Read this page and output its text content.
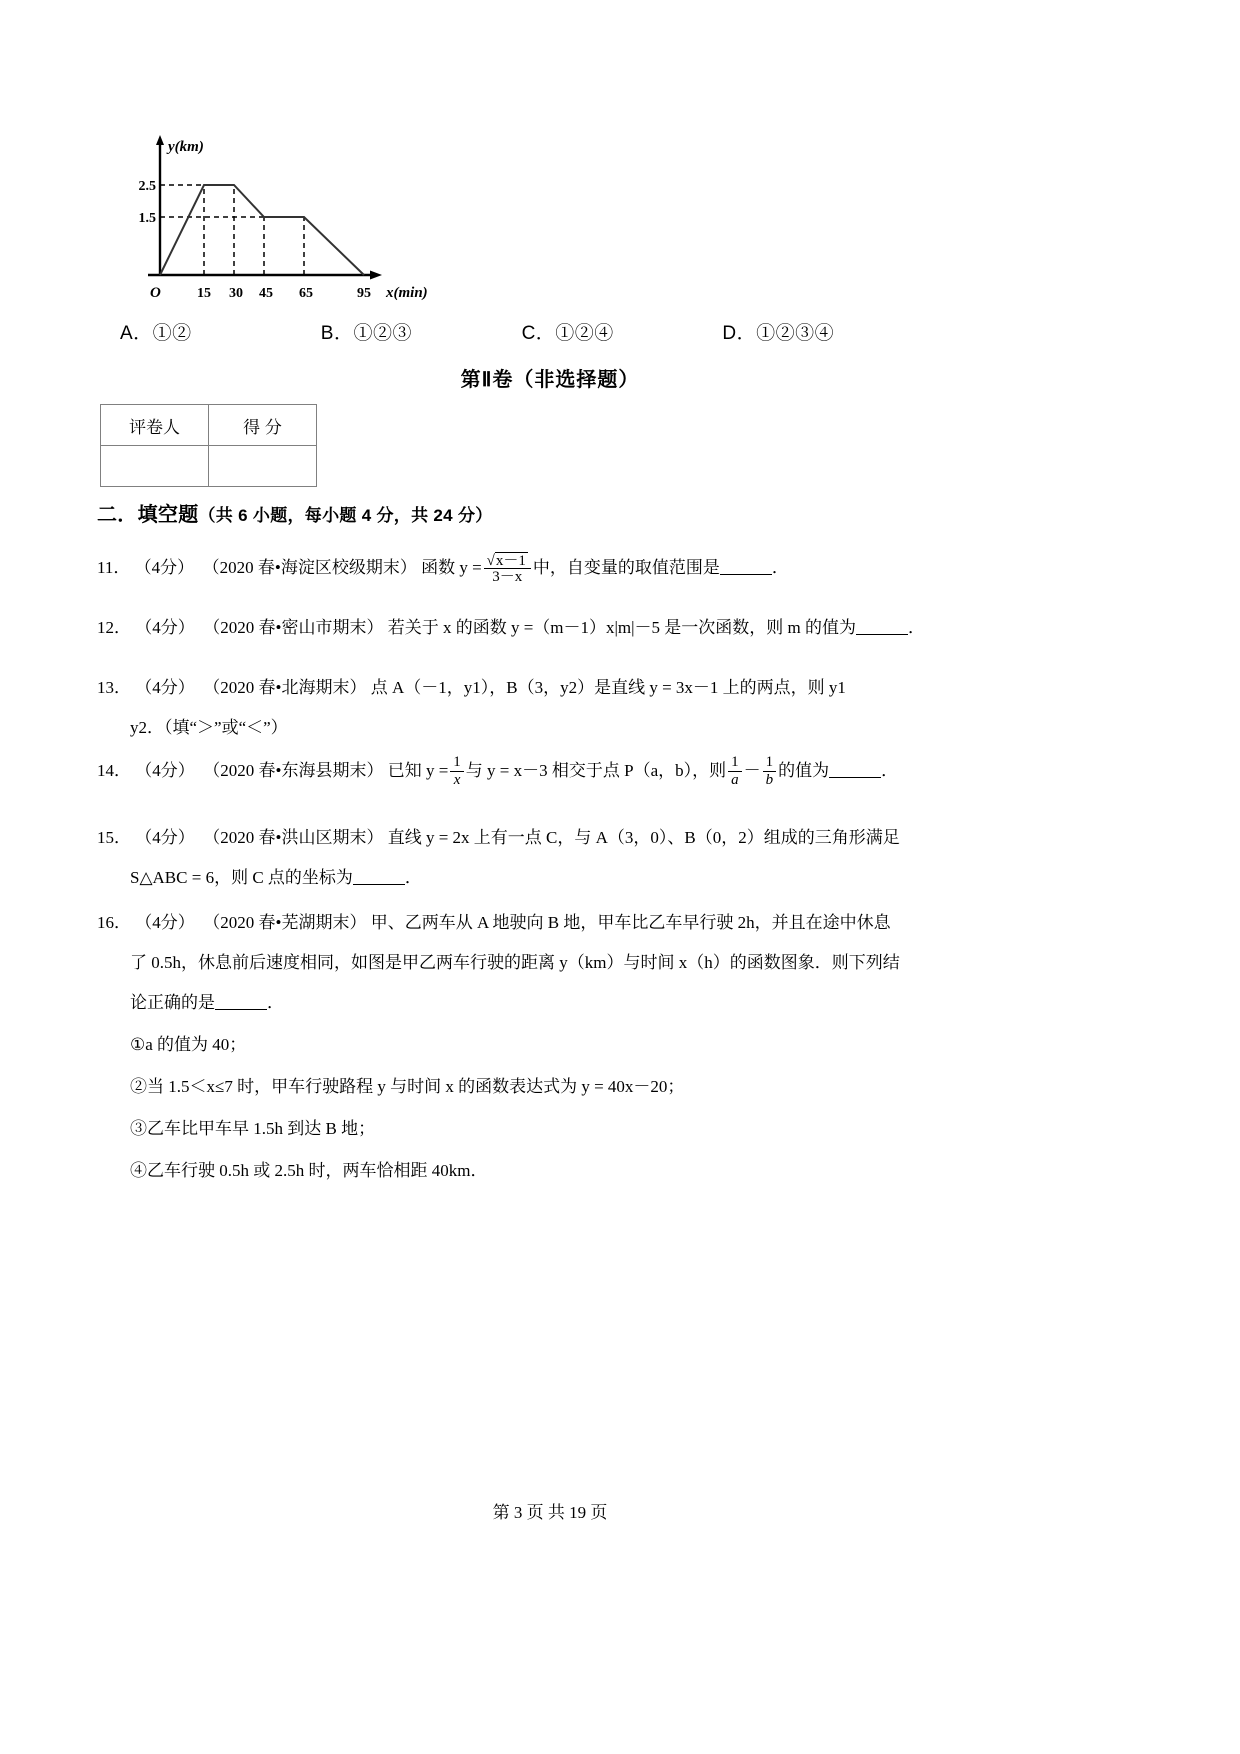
2.5
1.5
y(km)
x(min)
O	15 30 45 65	95
A．①②	B．①②③	C．①②④	D．①②③④
第Ⅱ卷（非选择题）
评卷人	得 分

二．填空题（共 6 小题，每小题 4 分，共 24 分）
11． （4分） （2020 春•海淀区校级期末） 函数 $y = \frac{√x-1}{3-x}$ 中，自变量的取值范围是	．
12． （4分） （2020 春•密山市期末） 若关于 x 的函数 y =（m－1）x|m|－5 是一次函数，则 m 的值为	．
13． （4分） （2020 春•北海期末） 点 A（－1，y1），B（3，y2）是直线 y = 3x－1 上的两点，则 y1
y2．（填“＞”或“＜”）
14． （4分） （2020 春•东海县期末） 已知 $y = \frac{1}{x}$ 与 y = x－3 相交于点 P（a，b），则 $\frac{1}{a} - \frac{1}{b}$ 的值为	．
15． （4分） （2020 春•洪山区期末） 直线 y = 2x 上有一点 C，与 A（3，0）、B（0，2）组成的三角形满足
S△ABC = 6，则 C 点的坐标为	．
16． （4分） （2020 春•芜湖期末） 甲、乙两车从 A 地驶向 B 地，甲车比乙车早行驶 2h，并且在途中休息
了 0.5h，休息前后速度相同，如图是甲乙两车行驶的距离 y（km）与时间 x（h）的函数图象．则下列结
论正确的是	．
①a 的值为 40；
②当 1.5＜x≤7 时，甲车行驶路程 y 与时间 x 的函数表达式为 y = 40x－20；
③乙车比甲车早 1.5h 到达 B 地；
④乙车行驶 0.5h 或 2.5h 时，两车恰相距 40km．
第 3 页 共 19 页
